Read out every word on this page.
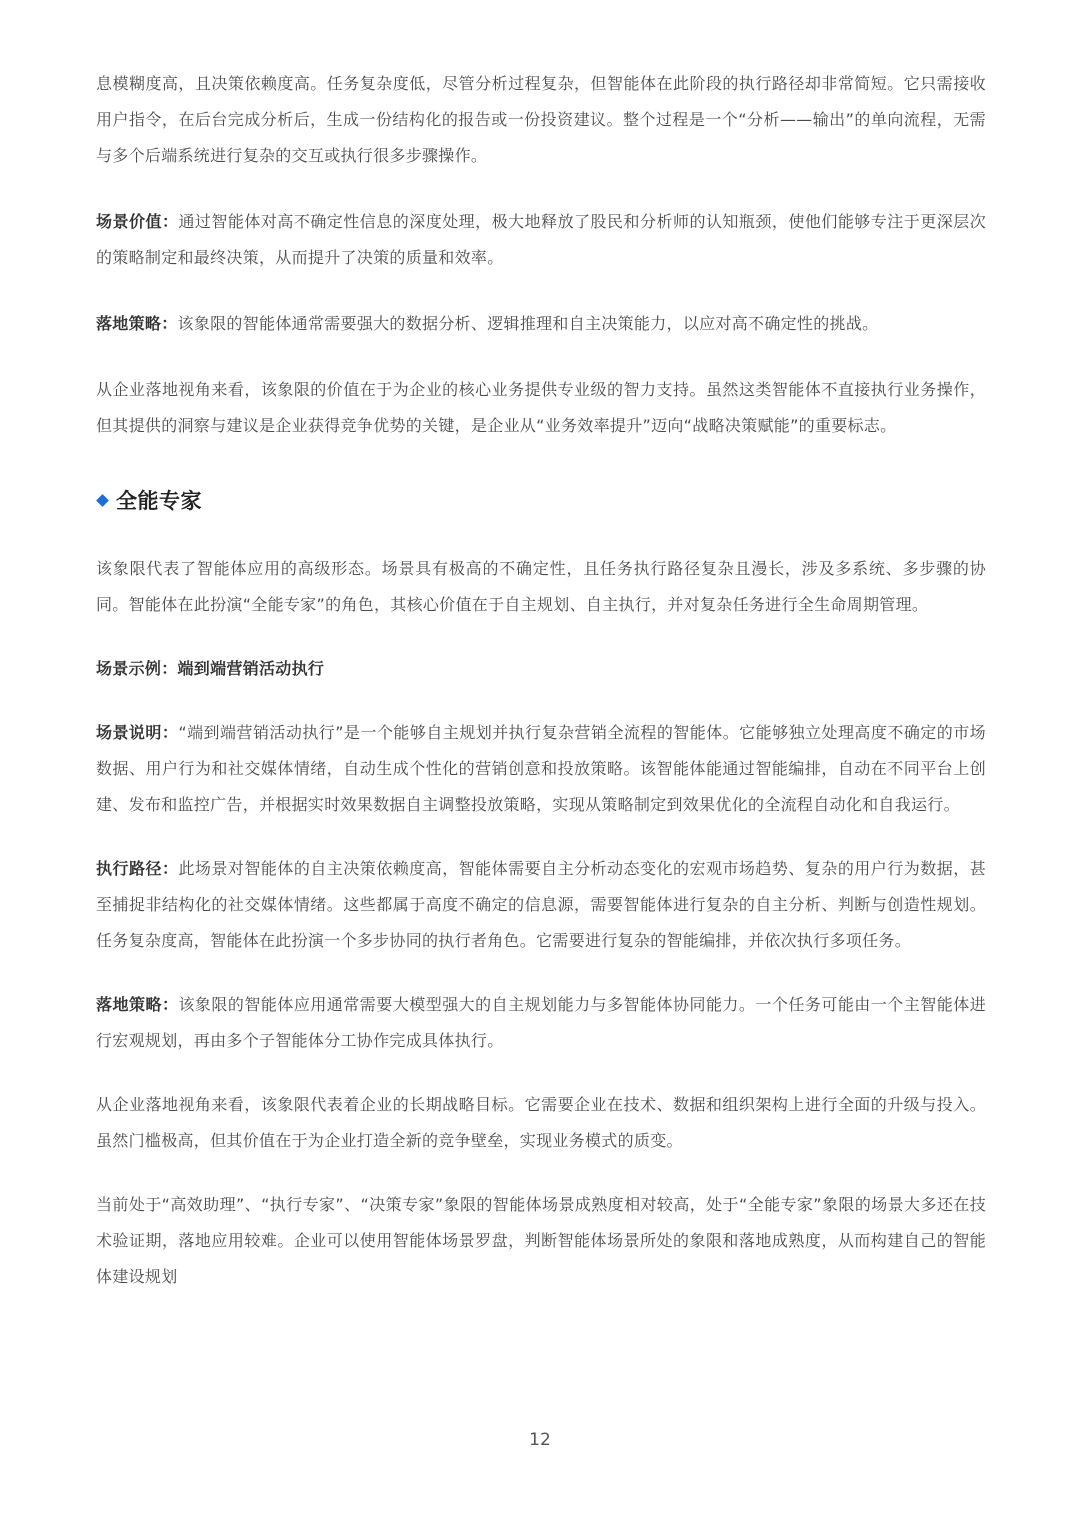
息模糊度高，且决策依赖度高。任务复杂度低，尽管分析过程复杂，但智能体在此阶段的执行路径却非常简短。它只需接收用户指令，在后台完成分析后，生成一份结构化的报告或一份投资建议。整个过程是一个“分析——输出”的单向流程，无需与多个后端系统进行复杂的交互或执行很多步骤操作。

场景价值：通过智能体对高不确定性信息的深度处理，极大地释放了股民和分析师的认知瓶颈，使他们能够专注于更深层次的策略制定和最终决策，从而提升了决策的质量和效率。

落地策略：该象限的智能体通常需要强大的数据分析、逻辑推理和自主决策能力，以应对高不确定性的挑战。

从企业落地视角来看，该象限的价值在于为企业的核心业务提供专业级的智力支持。虽然这类智能体不直接执行业务操作，但其提供的洞察与建议是企业获得竞争优势的关键，是企业从“业务效率提升”迈向“战略决策赋能”的重要标志。

全能专家

该象限代表了智能体应用的高级形态。场景具有极高的不确定性，且任务执行路径复杂且漫长，涉及多系统、多步骤的协同。智能体在此扮演“全能专家”的角色，其核心价值在于自主规划、自主执行，并对复杂任务进行全生命周期管理。

场景示例：端到端营销活动执行

场景说明：“端到端营销活动执行”是一个能够自主规划并执行复杂营销全流程的智能体。它能够独立处理高度不确定的市场数据、用户行为和社交媒体情绪，自动生成个性化的营销创意和投放策略。该智能体能通过智能编排，自动在不同平台上创建、发布和监控广告，并根据实时效果数据自主调整投放策略，实现从策略制定到效果优化的全流程自动化和自我运行。

执行路径：此场景对智能体的自主决策依赖度高，智能体需要自主分析动态变化的宏观市场趋势、复杂的用户行为数据，甚至捕捉非结构化的社交媒体情绪。这些都属于高度不确定的信息源，需要智能体进行复杂的自主分析、判断与创造性规划。任务复杂度高，智能体在此扮演一个多步协同的执行者角色。它需要进行复杂的智能编排，并依次执行多项任务。

落地策略：该象限的智能体应用通常需要大模型强大的自主规划能力与多智能体协同能力。一个任务可能由一个主智能体进行宏观规划，再由多个子智能体分工协作完成具体执行。

从企业落地视角来看，该象限代表着企业的长期战略目标。它需要企业在技术、数据和组织架构上进行全面的升级与投入。虽然门槛极高，但其价值在于为企业打造全新的竞争壁垒，实现业务模式的质变。

当前处于“高效助理”、“执行专家”、“决策专家”象限的智能体场景成熟度相对较高，处于“全能专家”象限的场景大多还在技术验证期，落地应用较难。企业可以使用智能体场景罗盘，判断智能体场景所处的象限和落地成熟度，从而构建自己的智能体建设规划

12
